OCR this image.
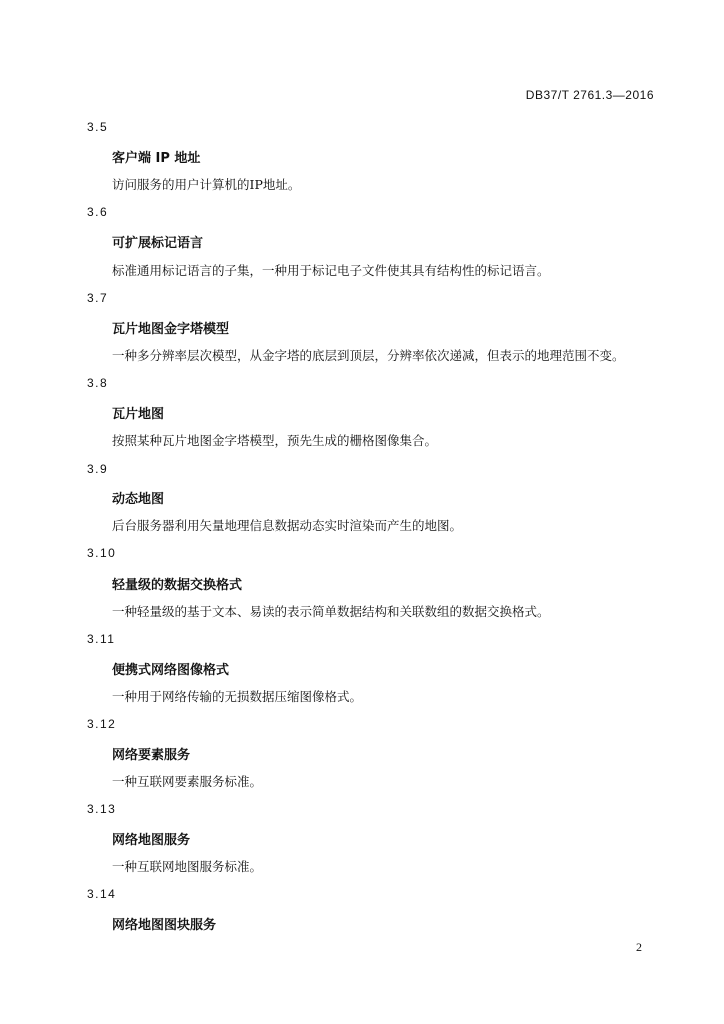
DB37/T 2761.3—2016
3.5
客户端 IP 地址
访问服务的用户计算机的IP地址。
3.6
可扩展标记语言
标准通用标记语言的子集，一种用于标记电子文件使其具有结构性的标记语言。
3.7
瓦片地图金字塔模型
一种多分辨率层次模型，从金字塔的底层到顶层，分辨率依次递减，但表示的地理范围不变。
3.8
瓦片地图
按照某种瓦片地图金字塔模型，预先生成的栅格图像集合。
3.9
动态地图
后台服务器利用矢量地理信息数据动态实时渲染而产生的地图。
3.10
轻量级的数据交换格式
一种轻量级的基于文本、易读的表示简单数据结构和关联数组的数据交换格式。
3.11
便携式网络图像格式
一种用于网络传输的无损数据压缩图像格式。
3.12
网络要素服务
一种互联网要素服务标准。
3.13
网络地图服务
一种互联网地图服务标准。
3.14
网络地图图块服务
2
